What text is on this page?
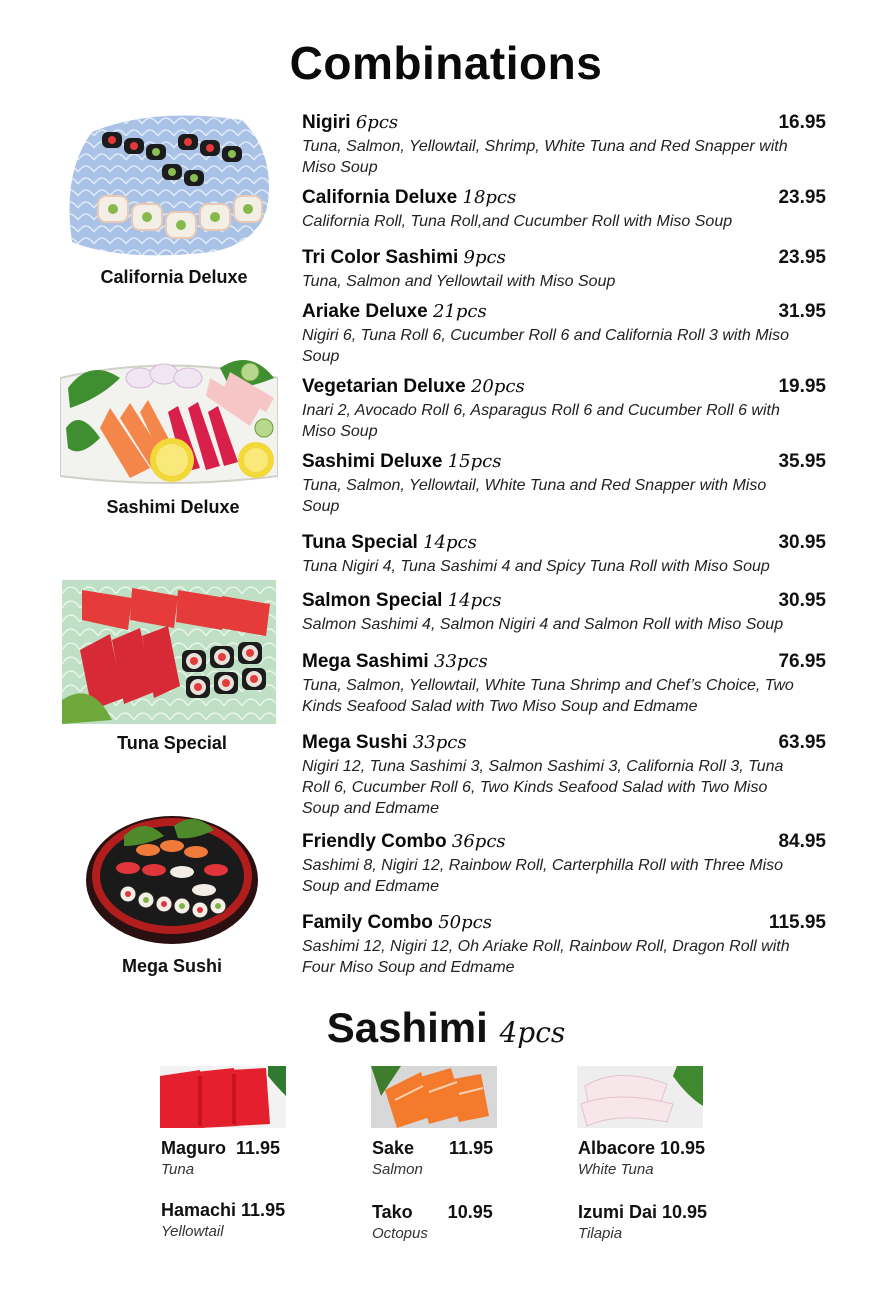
Combinations
California Deluxe
Sashimi Deluxe
Tuna Special
Mega Sushi
Nigiri 6pcs	16.95
Tuna, Salmon, Yellowtail, Shrimp, White Tuna and Red Snapper with Miso Soup
California Deluxe 18pcs	23.95
California Roll, Tuna Roll,and Cucumber Roll with Miso Soup
Tri Color Sashimi 9pcs	23.95
Tuna, Salmon and Yellowtail with Miso Soup
Ariake Deluxe 21pcs	31.95
Nigiri 6, Tuna Roll 6, Cucumber Roll 6 and California Roll 3 with Miso Soup
Vegetarian Deluxe 20pcs	19.95
Inari 2, Avocado Roll 6, Asparagus Roll 6 and Cucumber Roll 6 with Miso Soup
Sashimi Deluxe 15pcs	35.95
Tuna, Salmon, Yellowtail, White Tuna and Red Snapper with Miso Soup
Tuna Special 14pcs	30.95
Tuna Nigiri 4, Tuna Sashimi 4 and Spicy Tuna Roll with Miso Soup
Salmon Special 14pcs	30.95
Salmon Sashimi 4, Salmon Nigiri 4 and Salmon Roll with Miso Soup
Mega Sashimi 33pcs	76.95
Tuna, Salmon, Yellowtail, White Tuna Shrimp and Chef’s Choice, Two Kinds Seafood Salad with Two Miso Soup and Edmame
Mega Sushi 33pcs	63.95
Nigiri 12, Tuna Sashimi 3, Salmon Sashimi 3, California Roll 3, Tuna Roll 6, Cucumber Roll 6, Two Kinds Seafood Salad with Two Miso Soup and Edmame
Friendly Combo 36pcs	84.95
Sashimi 8, Nigiri 12, Rainbow Roll, Carterphilla Roll with Three Miso Soup and Edmame
Family Combo 50pcs	115.95
Sashimi 12, Nigiri 12, Oh Ariake Roll, Rainbow Roll, Dragon Roll with Four Miso Soup and Edmame
Sashimi 4pcs
Maguro  11.95
Tuna
Hamachi 11.95
Yellowtail
Sake       11.95
Salmon
Tako       10.95
Octopus
Albacore 10.95
White Tuna
Izumi Dai 10.95
Tilapia
